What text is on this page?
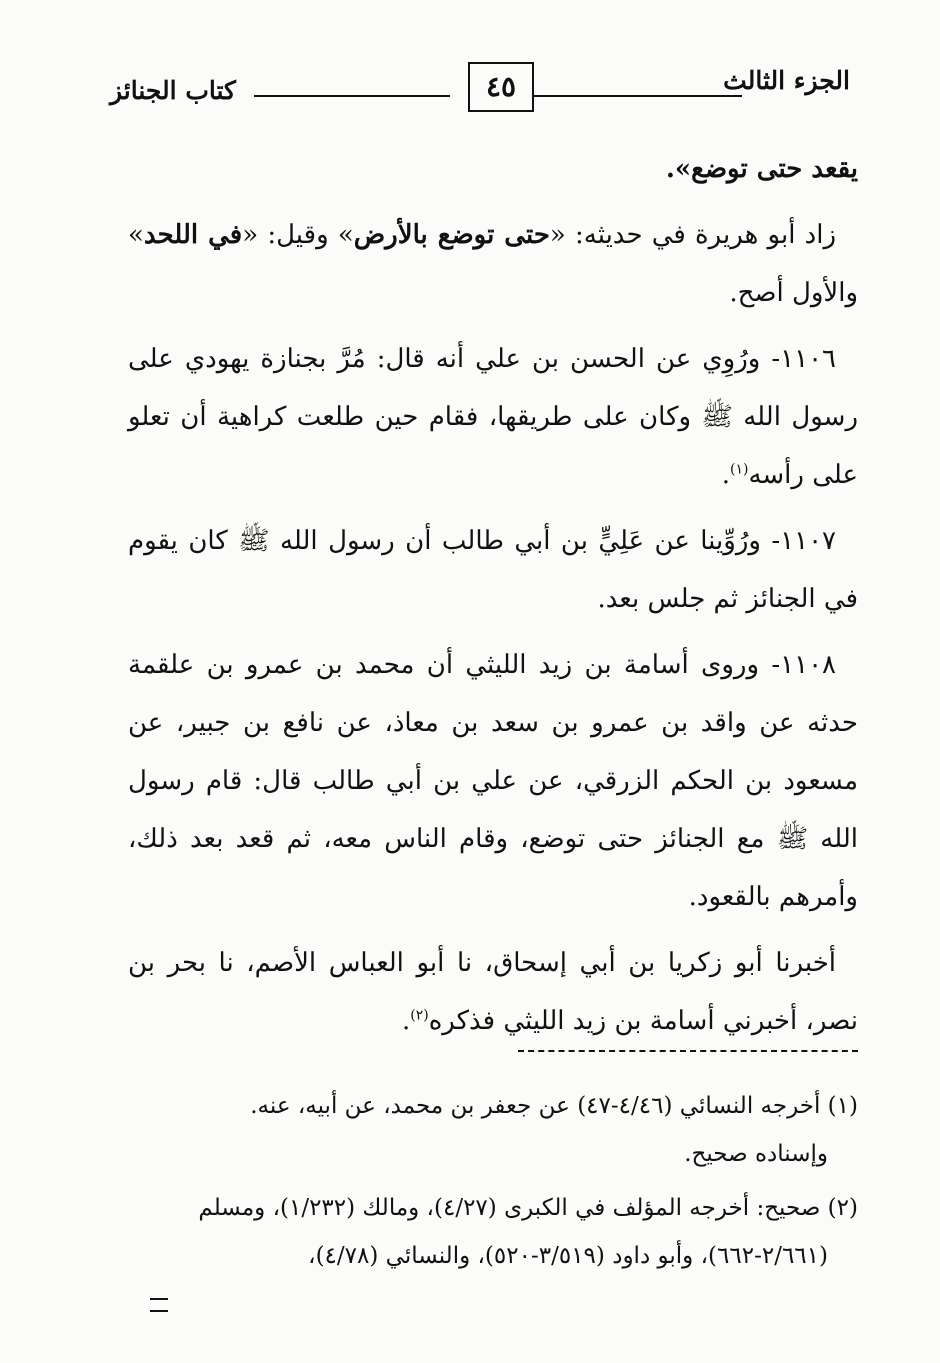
الجزء الثالث
٤٥
كتاب الجنائز

يقعد حتى توضع».

زاد أبو هريرة في حديثه: «حتى توضع بالأرض» وقيل: «في اللحد» والأول أصح.

١١٠٦- ورُوِي عن الحسن بن علي أنه قال: مُرَّ بجنازة يهودي على رسول الله ﷺ وكان على طريقها، فقام حين طلعت كراهية أن تعلو على رأسه$^{(١)}$.

١١٠٧- ورُوِّينا عن عَلِيٍّ بن أبي طالب أن رسول الله ﷺ كان يقوم في الجنائز ثم جلس بعد.

١١٠٨- وروى أسامة بن زيد الليثي أن محمد بن عمرو بن علقمة حدثه عن واقد بن عمرو بن سعد بن معاذ، عن نافع بن جبير، عن مسعود بن الحكم الزرقي، عن علي بن أبي طالب قال: قام رسول الله ﷺ مع الجنائز حتى توضع، وقام الناس معه، ثم قعد بعد ذلك، وأمرهم بالقعود.

أخبرنا أبو زكريا بن أبي إسحاق، نا أبو العباس الأصم، نا بحر بن نصر، أخبرني أسامة بن زيد الليثي فذكره$^{(٢)}$.

(١) أخرجه النسائي (٤/٤٦-٤٧) عن جعفر بن محمد، عن أبيه، عنه.
وإسناده صحيح.

(٢) صحيح: أخرجه المؤلف في الكبرى (٤/٢٧)، ومالك (١/٢٣٢)، ومسلم
(٢/٦٦١-٦٦٢)، وأبو داود (٣/٥١٩-٥٢٠)، والنسائي (٤/٧٨)،
